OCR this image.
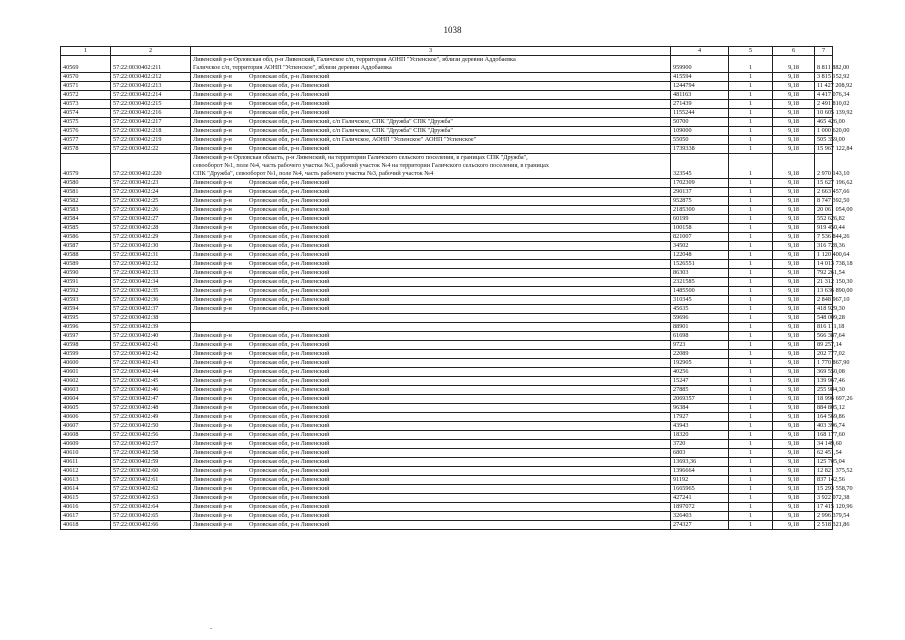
1038
1	2	3	4	5	6	7
40569	57:22:0030402:211	Ливенский р-н Орловская обл, р-н Ливенский, Галичское с/п, территория АОНП "Успенское", вблизи деревни Аддобаевка
Галичское с/п, территория АОНП "Успенское", вблизи деревни Аддобаевка	959900	1	9,18	8 811 882,00
40570	57:22:0030402:212	Ливенский р-н Орловская обл, р-н Ливенский	415594	1	9,18	3 815 152,92
40571	57:22:0030402:213	Ливенский р-н Орловская обл, р-н Ливенский	1244794	1	9,18	11 427 208,92
40572	57:22:0030402:214	Ливенский р-н Орловская обл, р-н Ливенский	481163	1	9,18	4 417 076,34
40573	57:22:0030402:215	Ливенский р-н Орловская обл, р-н Ливенский	271439	1	9,18	2 491 810,02
40574	57:22:0030402:216	Ливенский р-н Орловская обл, р-н Ливенский	1155244	1	9,18	10 605 139,92
40575	57:22:0030402:217	Ливенский р-н Орловская обл, р-н Ливенский, с/п Галичское, СПК "Дружба" СПК "Дружба"	50700	1	9,18	465 426,00
40576	57:22:0030402:218	Ливенский р-н Орловская обл, р-н Ливенский, с/п Галичское, СПК "Дружба" СПК "Дружба"	109000	1	9,18	1 000 620,00
40577	57:22:0030402:219	Ливенский р-н Орловская обл, р-н Ливенский, с/п Галичское, АОНП "Успенское" АОНП "Успенское"	55050	1	9,18	505 359,00
40578	57:22:0030402:22	Ливенский р-н Орловская обл, р-н Ливенский	1739338	1	9,18	15 967 122,84
40579	57:22:0030402:220	Ливенский р-н Орловская область, р-н Ливенский, на территории Галичского сельского поселения, в границах СПК "Дружба",
севооборот №1, поле №4, часть рабочего участка №3, рабочий участок №4 на территории Галичского сельского поселения, в границах
СПК "Дружба", севооборот №1, поле №4, часть рабочего участка №3, рабочий участок №4	323545	1	9,18	2 970 143,10
40580	57:22:0030402:23	Ливенский р-н Орловская обл, р-н Ливенский	1702309	1	9,18	15 627 196,62
40581	57:22:0030402:24	Ливенский р-н Орловская обл, р-н Ливенский	290137	1	9,18	2 663 457,66
40582	57:22:0030402:25	Ливенский р-н Орловская обл, р-н Ливенский	952875	1	9,18	8 747 392,50
40583	57:22:0030402:26	Ливенский р-н Орловская обл, р-н Ливенский	2185300	1	9,18	20 061 054,00
40584	57:22:0030402:27	Ливенский р-н Орловская обл, р-н Ливенский	60199	1	9,18	552 626,82
40585	57:22:0030402:28	Ливенский р-н Орловская обл, р-н Ливенский	100158	1	9,18	919 450,44
40586	57:22:0030402:29	Ливенский р-н Орловская обл, р-н Ливенский	821007	1	9,18	7 536 844,26
40587	57:22:0030402:30	Ливенский р-н Орловская обл, р-н Ливенский	34502	1	9,18	316 728,36
40588	57:22:0030402:31	Ливенский р-н Орловская обл, р-н Ливенский	122048	1	9,18	1 120 400,64
40589	57:22:0030402:32	Ливенский р-н Орловская обл, р-н Ливенский	1526551	1	9,18	14 013 738,18
40590	57:22:0030402:33	Ливенский р-н Орловская обл, р-н Ливенский	86303	1	9,18	792 261,54
40591	57:22:0030402:34	Ливенский р-н Орловская обл, р-н Ливенский	2321585	1	9,18	21 312 150,30
40592	57:22:0030402:35	Ливенский р-н Орловская обл, р-н Ливенский	1485500	1	9,18	13 636 890,00
40593	57:22:0030402:36	Ливенский р-н Орловская обл, р-н Ливенский	310345	1	9,18	2 848 967,10
40594	57:22:0030402:37	Ливенский р-н Орловская обл, р-н Ливенский	45635	1	9,18	418 929,30
40595	57:22:0030402:38		59696	1	9,18	548 009,28
40596	57:22:0030402:39		88901	1	9,18	816 111,18
40597	57:22:0030402:40	Ливенский р-н Орловская обл, р-н Ливенский	61698	1	9,18	566 387,64
40598	57:22:0030402:41	Ливенский р-н Орловская обл, р-н Ливенский	9723	1	9,18	89 257,14
40599	57:22:0030402:42	Ливенский р-н Орловская обл, р-н Ливенский	22089	1	9,18	202 777,02
40600	57:22:0030402:43	Ливенский р-н Орловская обл, р-н Ливенский	192905	1	9,18	1 770 867,90
40601	57:22:0030402:44	Ливенский р-н Орловская обл, р-н Ливенский	40256	1	9,18	369 550,08
40602	57:22:0030402:45	Ливенский р-н Орловская обл, р-н Ливенский	15247	1	9,18	139 967,46
40603	57:22:0030402:46	Ливенский р-н Орловская обл, р-н Ливенский	27885	1	9,18	255 984,30
40604	57:22:0030402:47	Ливенский р-н Орловская обл, р-н Ливенский	2069357	1	9,18	18 996 697,26
40605	57:22:0030402:48	Ливенский р-н Орловская обл, р-н Ливенский	96384	1	9,18	884 805,12
40606	57:22:0030402:49	Ливенский р-н Орловская обл, р-н Ливенский	17927	1	9,18	164 569,86
40607	57:22:0030402:50	Ливенский р-н Орловская обл, р-н Ливенский	43943	1	9,18	403 396,74
40608	57:22:0030402:56	Ливенский р-н Орловская обл, р-н Ливенский	18320	1	9,18	168 177,60
40609	57:22:0030402:57	Ливенский р-н Орловская обл, р-н Ливенский	3720	1	9,18	34 149,60
40610	57:22:0030402:58	Ливенский р-н Орловская обл, р-н Ливенский	6803	1	9,18	62 451,54
40611	57:22:0030402:59	Ливенский р-н Орловская обл, р-н Ливенский	13693,36	1	9,18	125 705,04
40612	57:22:0030402:60	Ливенский р-н Орловская обл, р-н Ливенский	1396664	1	9,18	12 821 375,52
40613	57:22:0030402:61	Ливенский р-н Орловская обл, р-н Ливенский	91192	1	9,18	837 142,56
40614	57:22:0030402:62	Ливенский р-н Орловская обл, р-н Ливенский	1665965	1	9,18	15 293 558,70
40615	57:22:0030402:63	Ливенский р-н Орловская обл, р-н Ливенский	427241	1	9,18	3 922 072,38
40616	57:22:0030402:64	Ливенский р-н Орловская обл, р-н Ливенский	1897072	1	9,18	17 415 120,96
40617	57:22:0030402:65	Ливенский р-н Орловская обл, р-н Ливенский	326403	1	9,18	2 996 379,54
40618	57:22:0030402:66	Ливенский р-н Орловская обл, р-н Ливенский	274327	1	9,18	2 518 321,86
-
